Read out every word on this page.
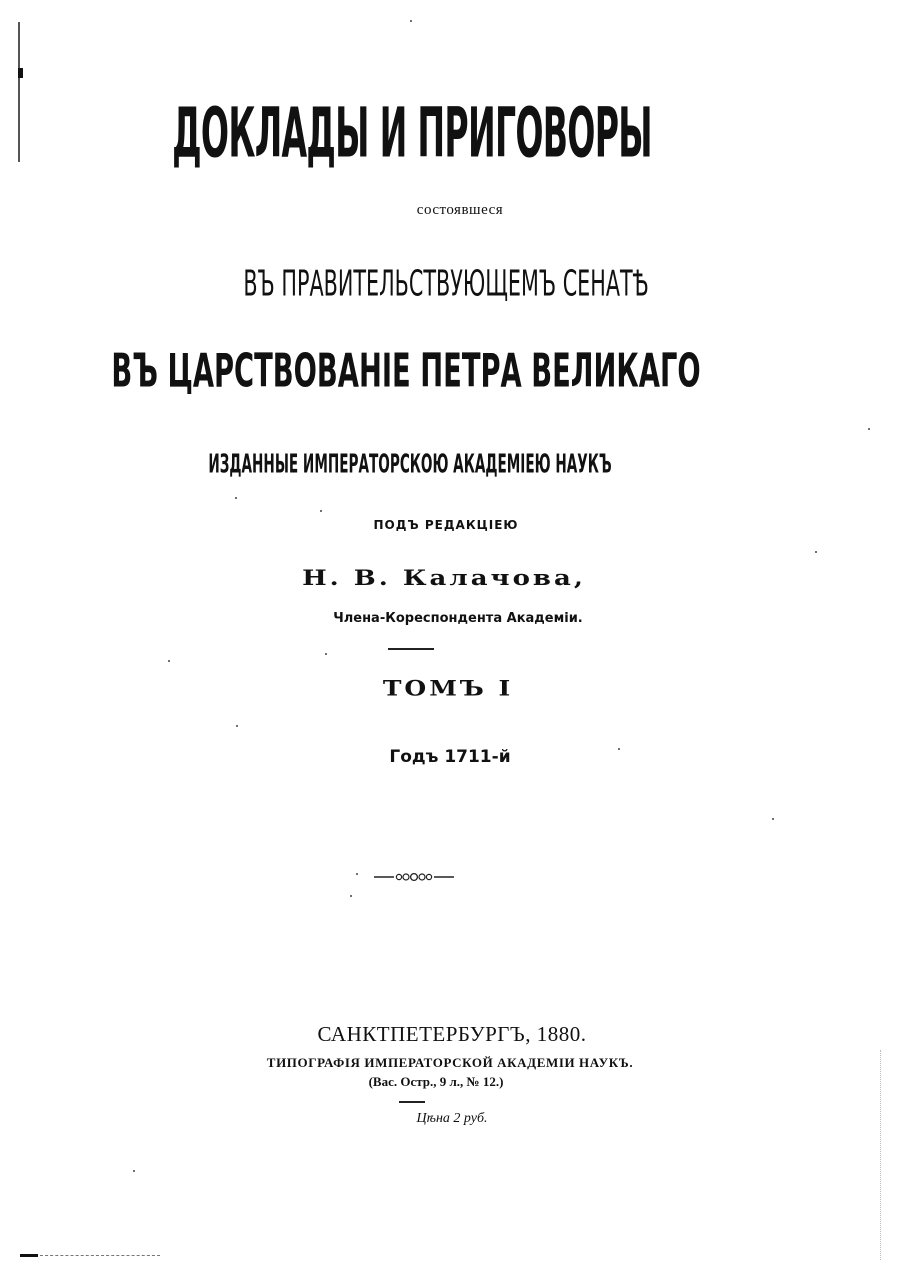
ДОКЛАДЫ И ПРИГОВОРЫ
состоявшеся
ВЪ ПРАВИТЕЛЬСТВУЮЩЕМЪ СЕНАТѢ
ВЪ ЦАРСТВОВАНІЕ ПЕТРА ВЕЛИКАГО
ИЗДАННЫЕ ИМПЕРАТОРСКОЮ АКАДЕМІЕЮ НАУКЪ
ПОДЪ РЕДАКЦІЕЮ
Н. В. Калачова,
Члена-Кореспондента Академіи.
ТОМЪ I
Годъ 1711-й
САНКТПЕТЕРБУРГЪ, 1880.
ТИПОГРАФІЯ ИМПЕРАТОРСКОЙ АКАДЕМІИ НАУКЪ.
(Вас. Остр., 9 л., № 12.)
Цѣна 2 руб.
